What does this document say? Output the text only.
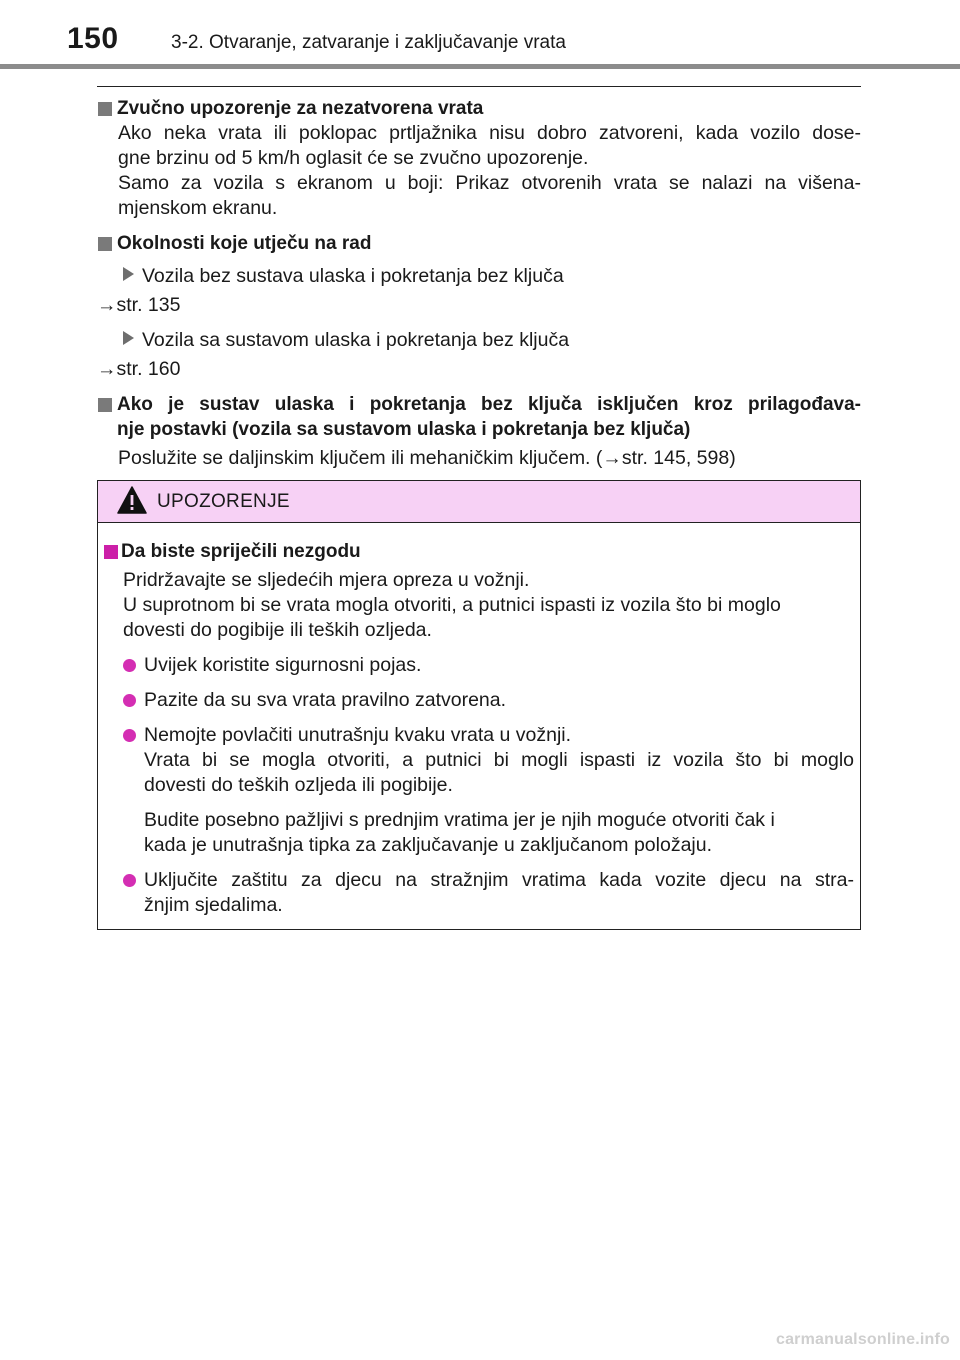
150	3-2. Otvaranje, zatvaranje i zaključavanje vrata
Zvučno upozorenje za nezatvorena vrata
Ako neka vrata ili poklopac prtljažnika nisu dobro zatvoreni, kada vozilo dose-
gne brzinu od 5 km/h oglasit će se zvučno upozorenje.
Samo za vozila s ekranom u boji: Prikaz otvorenih vrata se nalazi na višena-
mjenskom ekranu.
Okolnosti koje utječu na rad
Vozila bez sustava ulaska i pokretanja bez ključa
→str. 135
Vozila sa sustavom ulaska i pokretanja bez ključa
→str. 160
Ako je sustav ulaska i pokretanja bez ključa isključen kroz prilagođava-
nje postavki (vozila sa sustavom ulaska i pokretanja bez ključa)
Poslužite se daljinskim ključem ili mehaničkim ključem. (→str. 145, 598)
UPOZORENJE
Da biste spriječili nezgodu
Pridržavajte se sljedećih mjera opreza u vožnji.
U suprotnom bi se vrata mogla otvoriti, a putnici ispasti iz vozila što bi moglo
dovesti do pogibije ili teških ozljeda.
Uvijek koristite sigurnosni pojas.
Pazite da su sva vrata pravilno zatvorena.
Nemojte povlačiti unutrašnju kvaku vrata u vožnji.
Vrata bi se mogla otvoriti, a putnici bi mogli ispasti iz vozila što bi moglo
dovesti do teških ozljeda ili pogibije.
Budite posebno pažljivi s prednjim vratima jer je njih moguće otvoriti čak i
kada je unutrašnja tipka za zaključavanje u zaključanom položaju.
Uključite zaštitu za djecu na stražnjim vratima kada vozite djecu na stra-
žnjim sjedalima.
carmanualsonline.info
